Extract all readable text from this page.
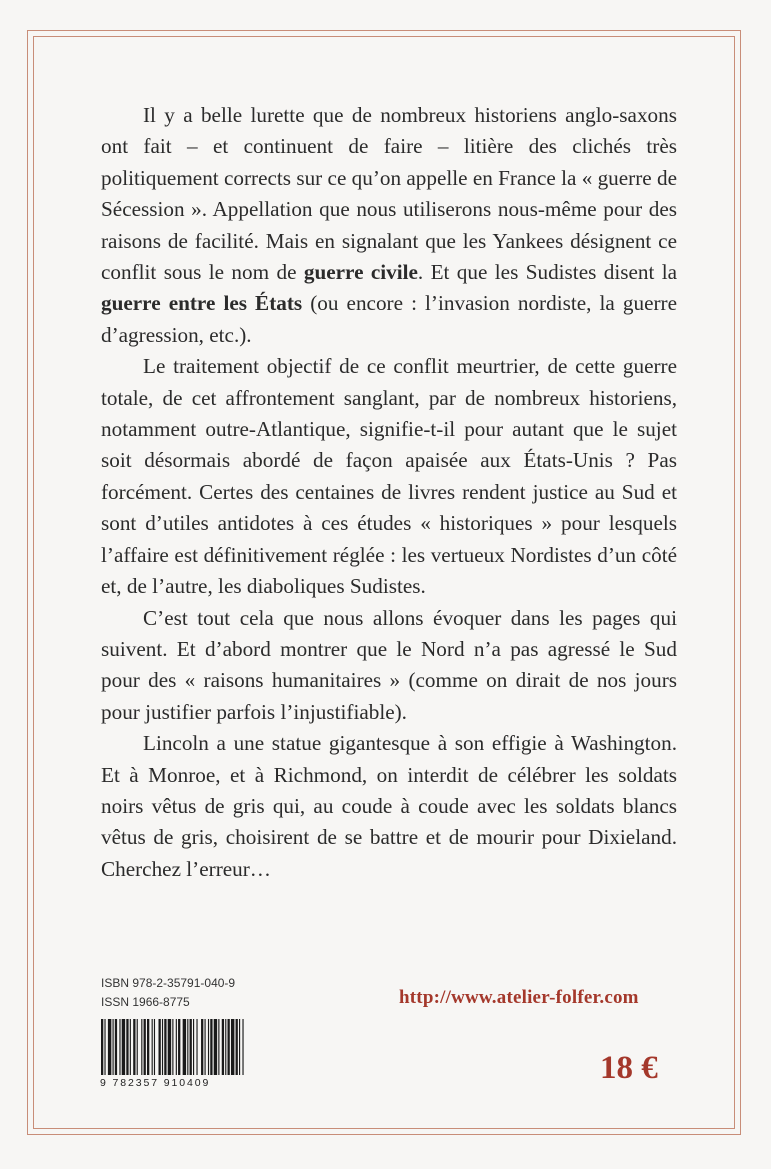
Il y a belle lurette que de nombreux historiens anglo-saxons ont fait – et continuent de faire – litière des clichés très politiquement corrects sur ce qu’on appelle en France la « guerre de Sécession ». Appellation que nous utiliserons nous-même pour des raisons de facilité. Mais en signalant que les Yankees désignent ce conflit sous le nom de guerre civile. Et que les Sudistes disent la guerre entre les États (ou encore : l’invasion nordiste, la guerre d’agression, etc.).

Le traitement objectif de ce conflit meurtrier, de cette guerre totale, de cet affrontement sanglant, par de nombreux historiens, notamment outre-Atlantique, signifie-t-il pour autant que le sujet soit désormais abordé de façon apaisée aux États-Unis ? Pas forcément. Certes des centaines de livres rendent justice au Sud et sont d’utiles antidotes à ces études « historiques » pour lesquels l’affaire est définitivement réglée : les vertueux Nordistes d’un côté et, de l’autre, les diaboliques Sudistes.

C’est tout cela que nous allons évoquer dans les pages qui suivent. Et d’abord montrer que le Nord n’a pas agressé le Sud pour des « raisons humanitaires » (comme on dirait de nos jours pour justifier parfois l’injustifiable).

Lincoln a une statue gigantesque à son effigie à Washington. Et à Monroe, et à Richmond, on interdit de célébrer les soldats noirs vêtus de gris qui, au coude à coude avec les soldats blancs vêtus de gris, choisirent de se battre et de mourir pour Dixieland. Cherchez l’erreur…

ISBN 978-2-35791-040-9
ISSN 1966-8775	http://www.atelier-folfer.com
9 782357 910409	18 €
